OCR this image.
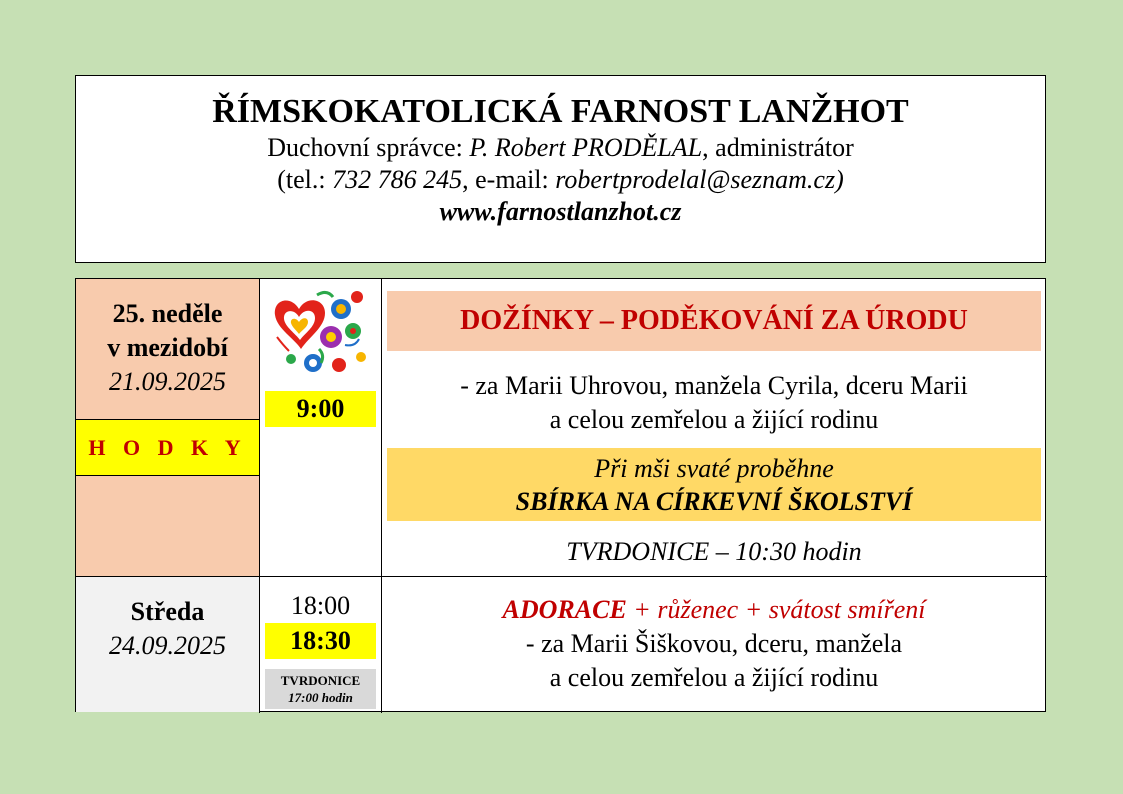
ŘÍMSKOKATOLICKÁ FARNOST LANŽHOT
Duchovní správce: P. Robert PRODĚLAL, administrátor
(tel.: 732 786 245, e-mail: robertprodelal@seznam.cz)
www.farnostlanzhot.cz
25. neděle
v mezidobí
21.09.2025
H O D K Y
Středa
24.09.2025
9:00
DOŽÍNKY – PODĚKOVÁNÍ ZA ÚRODU
- za Marii Uhrovou, manžela Cyrila, dceru Marii
a celou zemřelou a žijící rodinu
Při mši svaté proběhne
SBÍRKA NA CÍRKEVNÍ ŠKOLSTVÍ
TVRDONICE – 10:30 hodin
18:00
18:30
TVRDONICE
17:00 hodin
ADORACE + růženec + svátost smíření
- za Marii Šiškovou, dceru, manžela
a celou zemřelou a žijící rodinu
